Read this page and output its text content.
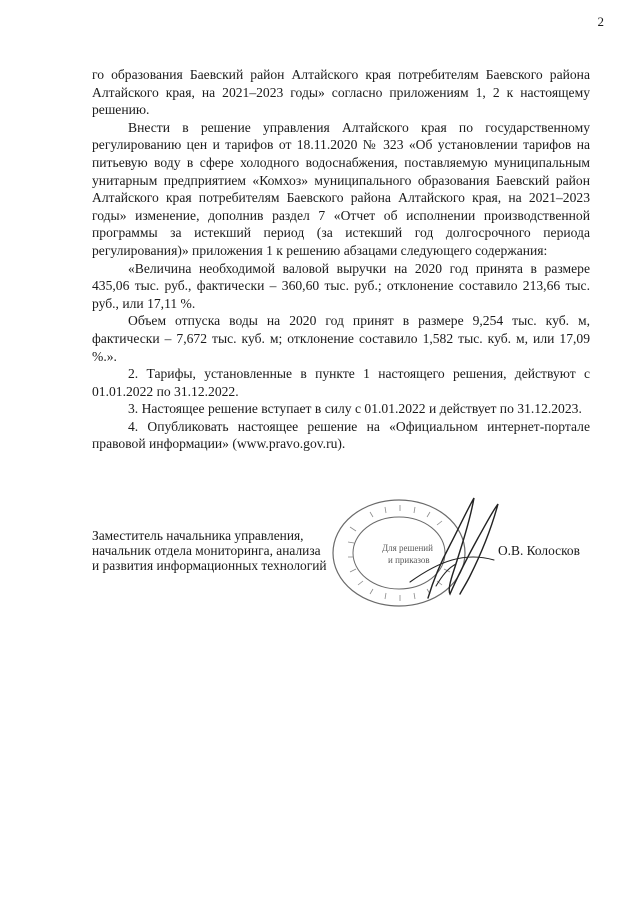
2

го образования Баевский район Алтайского края потребителям Баевского района Алтайского края, на 2021–2023 годы» согласно приложениям 1, 2 к настоящему решению.

Внести в решение управления Алтайского края по государственному регулированию цен и тарифов от 18.11.2020 № 323 «Об установлении тарифов на питьевую воду в сфере холодного водоснабжения, поставляемую муниципальным унитарным предприятием «Комхоз» муниципального образования Баевский район Алтайского края потребителям Баевского района Алтайского края, на 2021–2023 годы» изменение, дополнив раздел 7 «Отчет об исполнении производственной программы за истекший период (за истекший год долгосрочного периода регулирования)» приложения 1 к решению абзацами следующего содержания:

«Величина необходимой валовой выручки на 2020 год принята в размере 435,06 тыс. руб., фактически – 360,60 тыс. руб.; отклонение составило 213,66 тыс. руб., или 17,11 %.

Объем отпуска воды на 2020 год принят в размере 9,254 тыс. куб. м, фактически – 7,672 тыс. куб. м; отклонение составило 1,582 тыс. куб. м, или 17,09 %.».

2. Тарифы, установленные в пункте 1 настоящего решения, действуют с 01.01.2022 по 31.12.2022.

3. Настоящее решение вступает в силу с 01.01.2022 и действует по 31.12.2023.

4. Опубликовать настоящее решение на «Официальном интернет-портале правовой информации» (www.pravo.gov.ru).

Заместитель начальника управления,
начальник отдела мониторинга, анализа
и развития информационных технологий
Для решений
и приказов
О.В. Колосков
